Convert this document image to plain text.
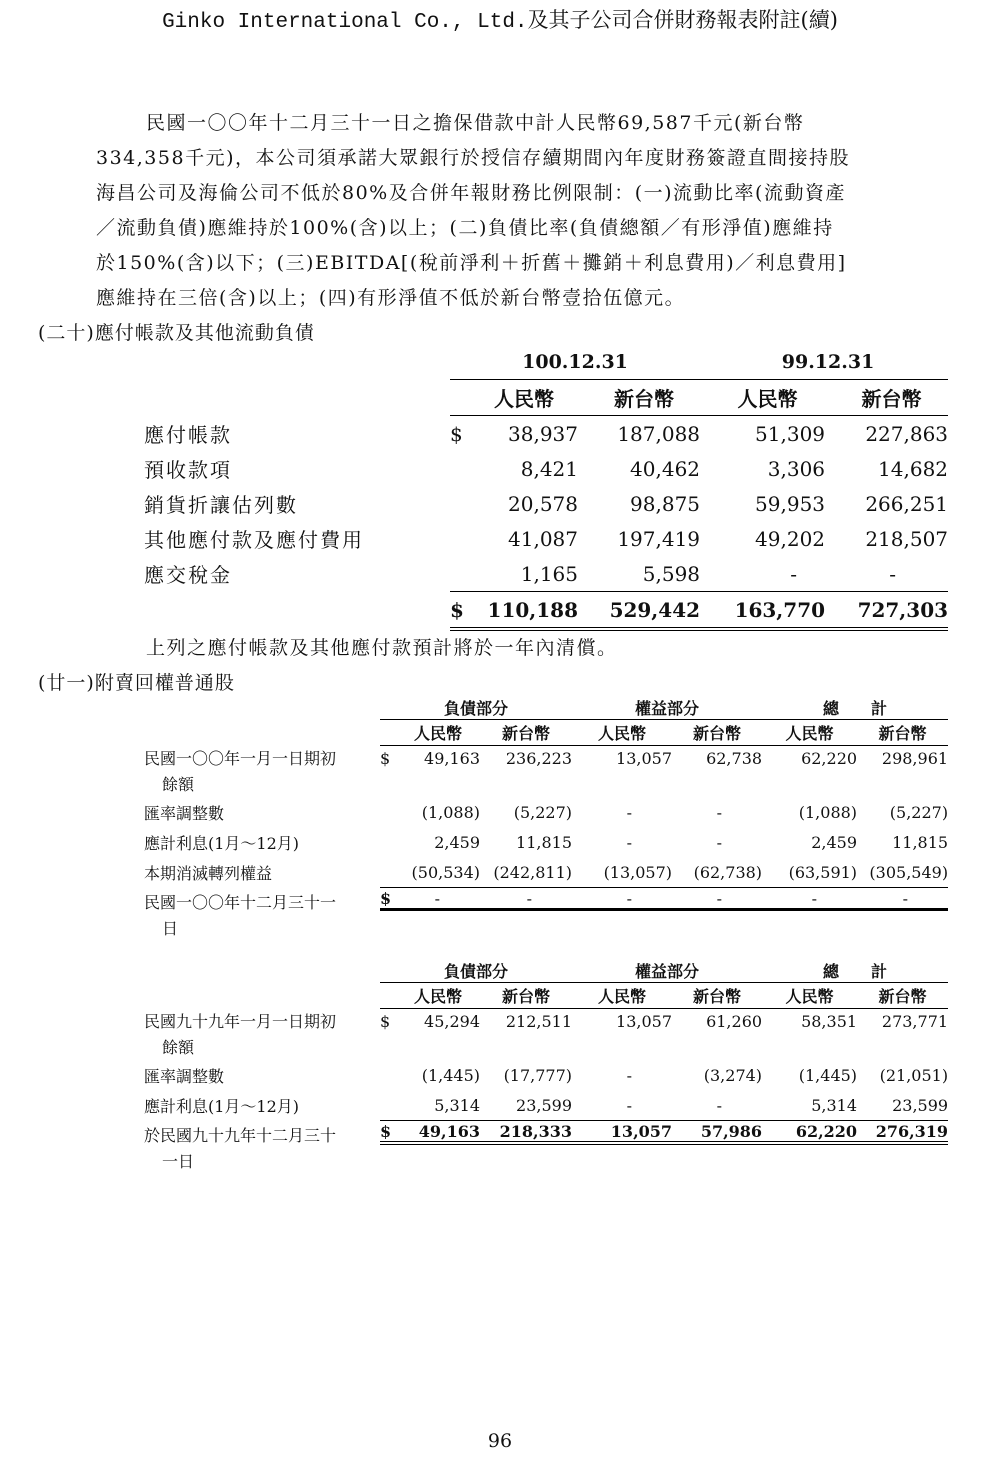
Ginko International Co., Ltd.及其子公司合併財務報表附註(續)
民國一〇〇年十二月三十一日之擔保借款中計人民幣69,587千元(新台幣
334,358千元)，本公司須承諾大眾銀行於授信存續期間內年度財務簽證直間接持股
海昌公司及海倫公司不低於80%及合併年報財務比例限制：(一)流動比率(流動資產
／流動負債)應維持於100%(含)以上；(二)負債比率(負債總額／有形淨值)應維持
於150%(含)以下；(三)EBITDA[(稅前淨利＋折舊＋攤銷＋利息費用)／利息費用]
應維持在三倍(含)以上；(四)有形淨值不低於新台幣壹拾伍億元。
(二十)應付帳款及其他流動負債
	100.12.31			99.12.31	
		人民幣	新台幣	人民幣	新台幣
應付帳款	$	38,937	187,088	51,309	227,863
預收款項		8,421	40,462	3,306	14,682
銷貨折讓估列數		20,578	98,875	59,953	266,251
其他應付款及應付費用		41,087	197,419	49,202	218,507
應交稅金		1,165	5,598	-	-
	$	110,188	529,442	163,770	727,303
上列之應付帳款及其他應付款預計將於一年內清償。
(廿一)附賣回權普通股
	負債部分			權益部分		總　　計	
		人民幣	新台幣	人民幣	新台幣	人民幣	新台幣

民國一〇〇年一月一日期初
餘額	$	49,163	236,223	13,057	62,738	62,220	298,961
匯率調整數		(1,088)	(5,227)	-	-	(1,088)	(5,227)
應計利息(1月～12月)		2,459	11,815	-	-	2,459	11,815
本期消滅轉列權益		(50,534)	(242,811)	(13,057)	(62,738)	(63,591)	(305,549)

民國一〇〇年十二月三十一
日	$	-	-	-	-	-	-
	負債部分			權益部分		總　　計	
		人民幣	新台幣	人民幣	新台幣	人民幣	新台幣

民國九十九年一月一日期初
餘額	$	45,294	212,511	13,057	61,260	58,351	273,771
匯率調整數		(1,445)	(17,777)	-	(3,274)	(1,445)	(21,051)
應計利息(1月～12月)		5,314	23,599	-	-	5,314	23,599

於民國九十九年十二月三十
一日	$	49,163	218,333	13,057	57,986	62,220	276,319
96
